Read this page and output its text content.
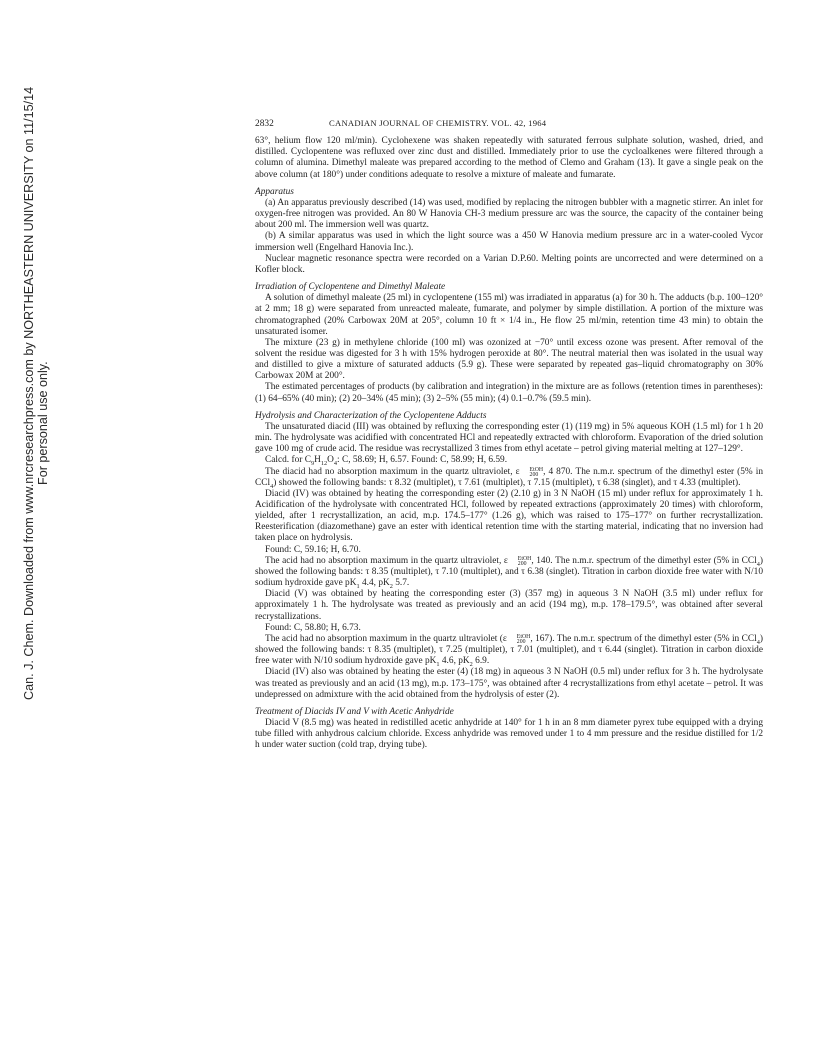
Can. J. Chem. Downloaded from www.nrcresearchpress.com by NORTHEASTERN UNIVERSITY on 11/15/14 For personal use only.
2832	CANADIAN JOURNAL OF CHEMISTRY. VOL. 42, 1964

63°, helium flow 120 ml/min). Cyclohexene was shaken repeatedly with saturated ferrous sulphate solution, washed, dried, and distilled. Cyclopentene was refluxed over zinc dust and distilled. Immediately prior to use the cycloalkenes were filtered through a column of alumina. Dimethyl maleate was prepared according to the method of Clemo and Graham (13). It gave a single peak on the above column (at 180°) under conditions adequate to resolve a mixture of maleate and fumarate.

Apparatus

(a) An apparatus previously described (14) was used, modified by replacing the nitrogen bubbler with a magnetic stirrer. An inlet for oxygen-free nitrogen was provided. An 80 W Hanovia CH-3 medium pressure arc was the source, the capacity of the container being about 200 ml. The immersion well was quartz.

(b) A similar apparatus was used in which the light source was a 450 W Hanovia medium pressure arc in a water-cooled Vycor immersion well (Engelhard Hanovia Inc.).

Nuclear magnetic resonance spectra were recorded on a Varian D.P.60. Melting points are uncorrected and were determined on a Kofler block.

Irradiation of Cyclopentene and Dimethyl Maleate

A solution of dimethyl maleate (25 ml) in cyclopentene (155 ml) was irradiated in apparatus (a) for 30 h. The adducts (b.p. 100–120° at 2 mm; 18 g) were separated from unreacted maleate, fumarate, and polymer by simple distillation. A portion of the mixture was chromatographed (20% Carbowax 20M at 205°, column 10 ft × 1/4 in., He flow 25 ml/min, retention time 43 min) to obtain the unsaturated isomer.

The mixture (23 g) in methylene chloride (100 ml) was ozonized at −70° until excess ozone was present. After removal of the solvent the residue was digested for 3 h with 15% hydrogen peroxide at 80°. The neutral material then was isolated in the usual way and distilled to give a mixture of saturated adducts (5.9 g). These were separated by repeated gas–liquid chromatography on 30% Carbowax 20M at 200°.

The estimated percentages of products (by calibration and integration) in the mixture are as follows (retention times in parentheses): (1) 64–65% (40 min); (2) 20–34% (45 min); (3) 2–5% (55 min); (4) 0.1–0.7% (59.5 min).

Hydrolysis and Characterization of the Cyclopentene Adducts

The unsaturated diacid (III) was obtained by refluxing the corresponding ester (1) (119 mg) in 5% aqueous KOH (1.5 ml) for 1 h 20 min. The hydrolysate was acidified with concentrated HCl and repeatedly extracted with chloroform. Evaporation of the dried solution gave 100 mg of crude acid. The residue was recrystallized 3 times from ethyl acetate – petrol giving material melting at 127–129°.

Calcd. for $C_9H_{12}O_4$: C, 58.69; H, 6.57. Found: C, 58.99; H, 6.59.

The diacid had no absorption maximum in the quartz ultraviolet, ε	EtOH
200 , 4 870. The n.m.r. spectrum of the dimethyl ester (5% in CCl$_4$) showed the following bands: τ 8.32 (multiplet), τ 7.61 (multiplet), τ 7.15 (multiplet), τ 6.38 (singlet), and τ 4.33 (multiplet).

Diacid (IV) was obtained by heating the corresponding ester (2) (2.10 g) in 3 N NaOH (15 ml) under reflux for approximately 1 h. Acidification of the hydrolysate with concentrated HCl, followed by repeated extractions (approximately 20 times) with chloroform, yielded, after 1 recrystallization, an acid, m.p. 174.5–177° (1.26 g), which was raised to 175–177° on further recrystallization. Reesterification (diazomethane) gave an ester with identical retention time with the starting material, indicating that no inversion had taken place on hydrolysis.

Found: C, 59.16; H, 6.70.

The acid had no absorption maximum in the quartz ultraviolet, ε	EtOH
200 , 140. The n.m.r. spectrum of the dimethyl ester (5% in CCl$_4$) showed the following bands: τ 8.35 (multiplet), τ 7.10 (multiplet), and τ 6.38 (singlet). Titration in carbon dioxide free water with N/10 sodium hydroxide gave $pK_1$ 4.4, $pK_2$ 5.7.

Diacid (V) was obtained by heating the corresponding ester (3) (357 mg) in aqueous 3 N NaOH (3.5 ml) under reflux for approximately 1 h. The hydrolysate was treated as previously and an acid (194 mg), m.p. 178–179.5°, was obtained after several recrystallizations.

Found: C, 58.80; H, 6.73.

The acid had no absorption maximum in the quartz ultraviolet (ε	EtOH
200 , 167). The n.m.r. spectrum of the dimethyl ester (5% in CCl$_4$) showed the following bands: τ 8.35 (multiplet), τ 7.25 (multiplet), τ 7.01 (multiplet), and τ 6.44 (singlet). Titration in carbon dioxide free water with N/10 sodium hydroxide gave $pK_1$ 4.6, $pK_2$ 6.9.

Diacid (IV) also was obtained by heating the ester (4) (18 mg) in aqueous 3 N NaOH (0.5 ml) under reflux for 3 h. The hydrolysate was treated as previously and an acid (13 mg), m.p. 173–175°, was obtained after 4 recrystallizations from ethyl acetate – petrol. It was undepressed on admixture with the acid obtained from the hydrolysis of ester (2).

Treatment of Diacids IV and V with Acetic Anhydride

Diacid V (8.5 mg) was heated in redistilled acetic anhydride at 140° for 1 h in an 8 mm diameter pyrex tube equipped with a drying tube filled with anhydrous calcium chloride. Excess anhydride was removed under 1 to 4 mm pressure and the residue distilled for 1/2 h under water suction (cold trap, drying tube).
